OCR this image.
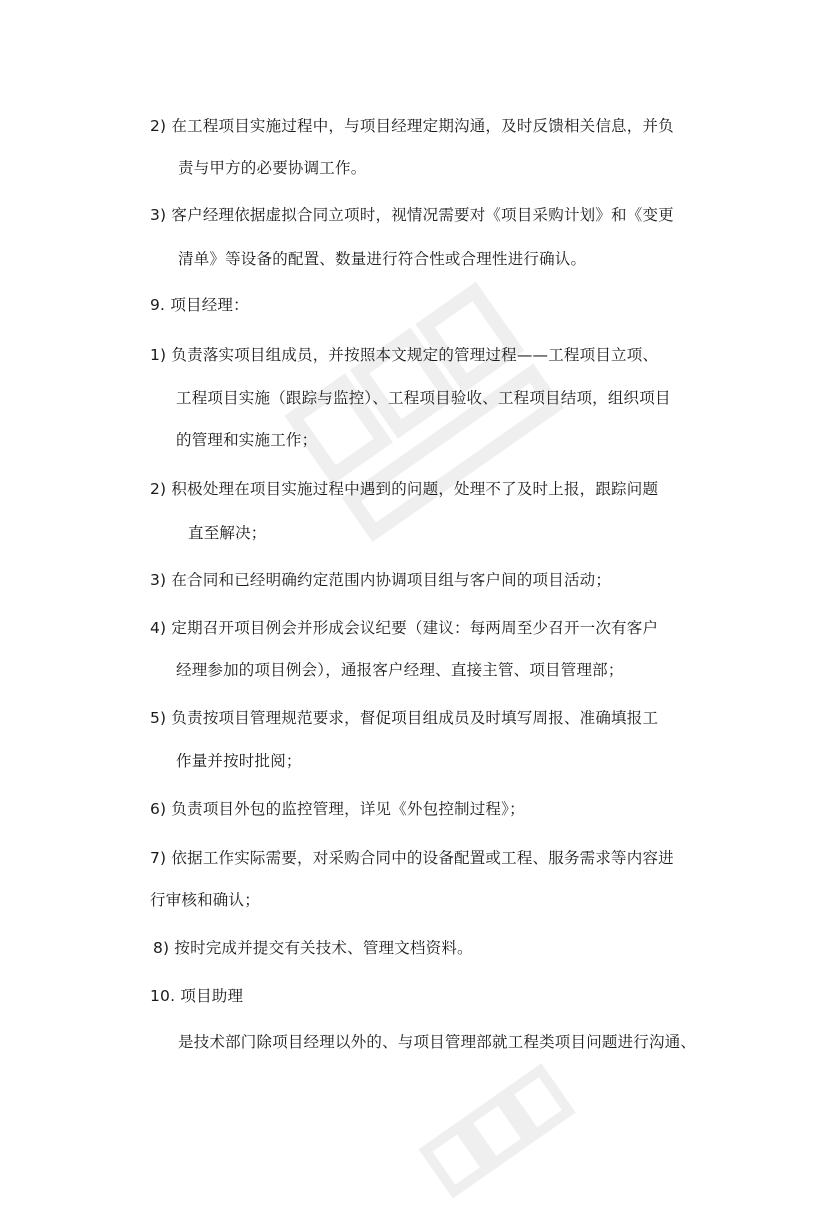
2) 在工程项目实施过程中，与项目经理定期沟通，及时反馈相关信息，并负
责与甲方的必要协调工作。
3) 客户经理依据虚拟合同立项时，视情况需要对《项目采购计划》和《变更
清单》等设备的配置、数量进行符合性或合理性进行确认。
9. 项目经理：
1) 负责落实项目组成员，并按照本文规定的管理过程——工程项目立项、
工程项目实施（跟踪与监控）、工程项目验收、工程项目结项，组织项目
的管理和实施工作；
2) 积极处理在项目实施过程中遇到的问题，处理不了及时上报，跟踪问题
直至解决；
3) 在合同和已经明确约定范围内协调项目组与客户间的项目活动；
4) 定期召开项目例会并形成会议纪要（建议：每两周至少召开一次有客户
经理参加的项目例会），通报客户经理、直接主管、项目管理部；
5) 负责按项目管理规范要求，督促项目组成员及时填写周报、准确填报工
作量并按时批阅；
6) 负责项目外包的监控管理，详见《外包控制过程》；
7) 依据工作实际需要，对采购合同中的设备配置或工程、服务需求等内容进
行审核和确认；
8) 按时完成并提交有关技术、管理文档资料。
10. 项目助理
是技术部门除项目经理以外的、与项目管理部就工程类项目问题进行沟通、
